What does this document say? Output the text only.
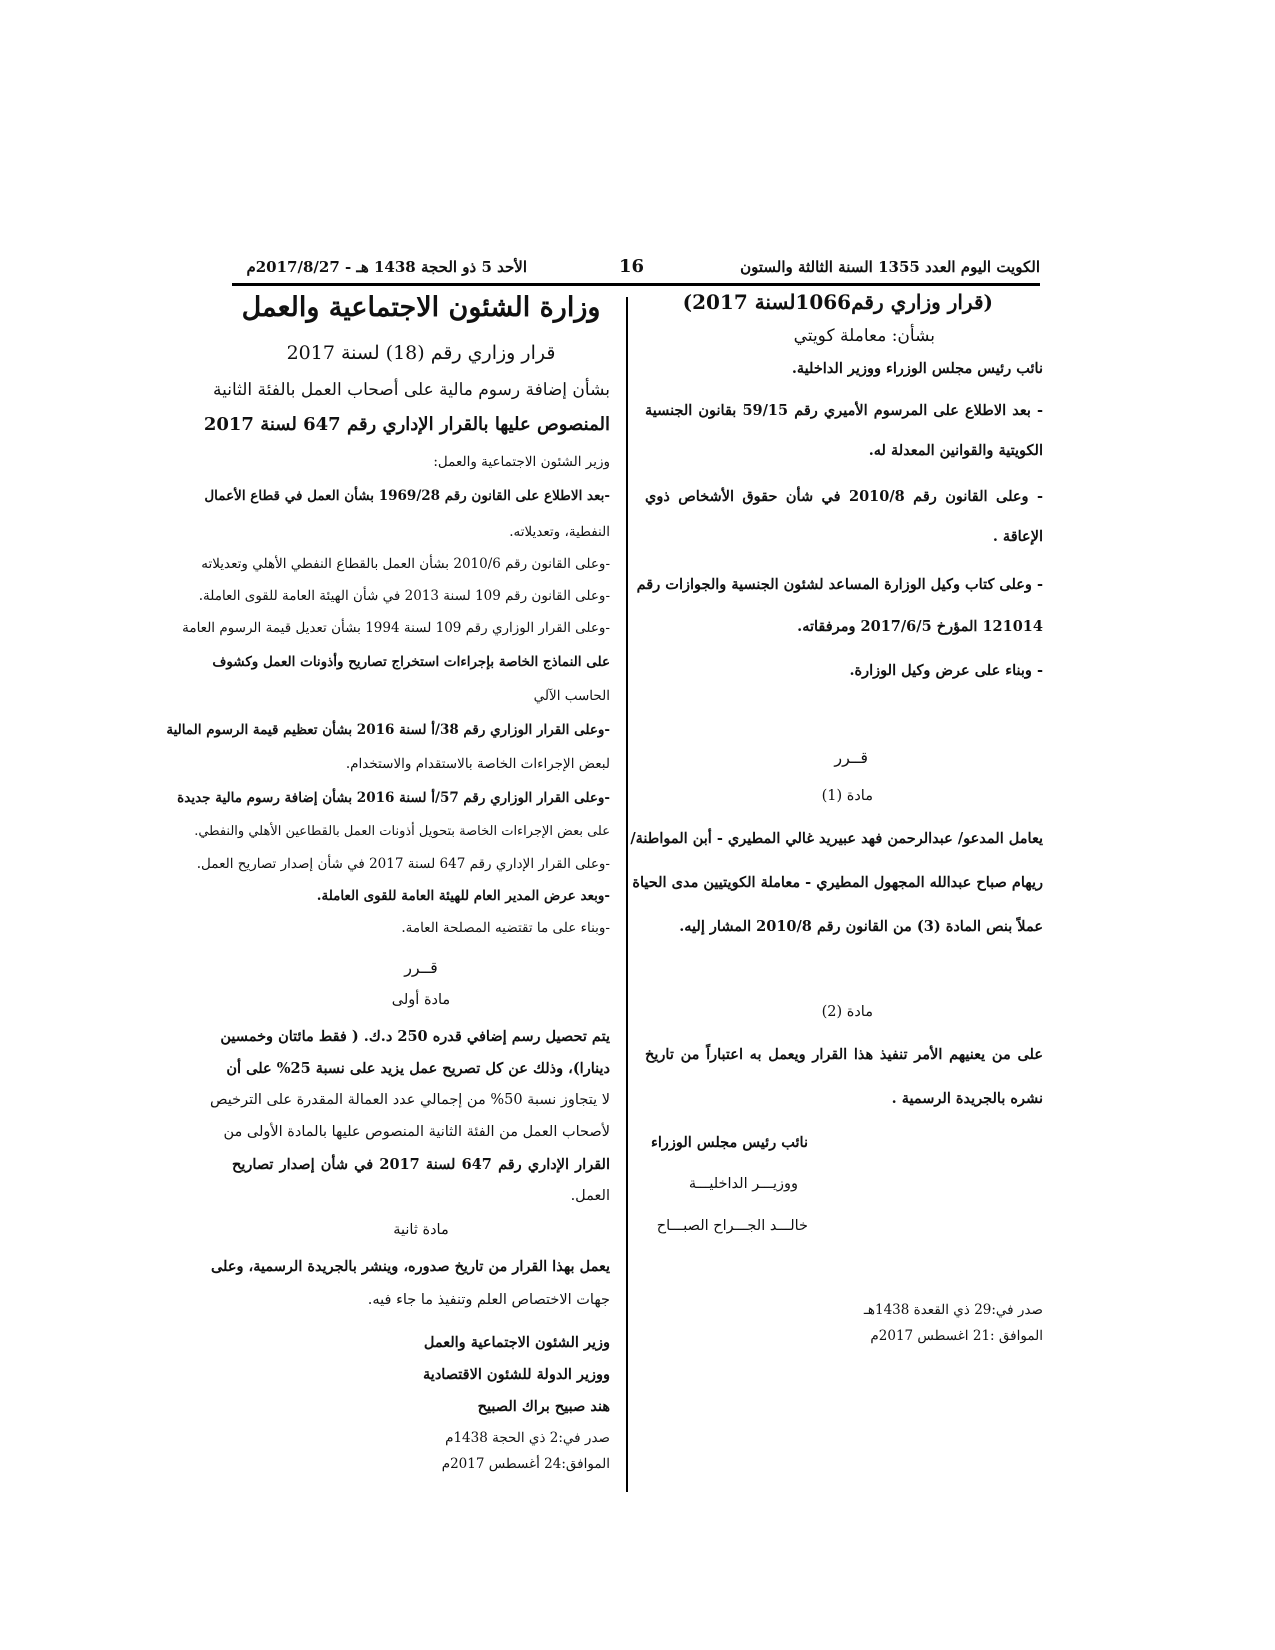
الكويت اليوم العدد 1355 السنة الثالثة والستون
16
الأحد 5 ذو الحجة 1438 هـ - 2017/8/27م
(قرار وزاري رقم1066لسنة 2017)
بشأن: معاملة كويتي
نائب رئيس مجلس الوزراء ووزير الداخلية.
- بعد الاطلاع على المرسوم الأميري رقم 59/15 بقانون الجنسية
الكويتية والقوانين المعدلة له.
- وعلى القانون رقم 2010/8 في شأن حقوق الأشخاص ذوي
الإعاقة .
- وعلى كتاب وكيل الوزارة المساعد لشئون الجنسية والجوازات رقم
121014 المؤرخ 2017/6/5 ومرفقاته.
- وبناء على عرض وكيل الوزارة.
قــرر
مادة (1)
يعامل المدعو/ عبدالرحمن فهد عبيريد غالي المطيري - أبن المواطنة/
ريهام صباح عبدالله المجهول المطيري - معاملة الكويتيين مدى الحياة
عملاً بنص المادة (3) من القانون رقم 2010/8 المشار إليه.
مادة (2)
على من يعنيهم الأمر تنفيذ هذا القرار ويعمل به اعتباراً من تاريخ
نشره بالجريدة الرسمية .
نائب رئيس مجلس الوزراء
ووزيـــر الداخليـــة
خالـــد الجـــراح الصبـــاح
صدر في:29 ذي القعدة 1438هـ
الموافق :21 اغسطس 2017م
وزارة الشئون الاجتماعية والعمل
قرار وزاري رقم (18) لسنة 2017
بشأن إضافة رسوم مالية على أصحاب العمل بالفئة الثانية
المنصوص عليها بالقرار الإداري رقم 647 لسنة 2017
وزير الشئون الاجتماعية والعمل:
-بعد الاطلاع على القانون رقم 1969/28 بشأن العمل في قطاع الأعمال
النفطية، وتعديلاته.
-وعلى القانون رقم 2010/6 بشأن العمل بالقطاع النفطي الأهلي وتعديلاته
-وعلى القانون رقم 109 لسنة 2013 في شأن الهيئة العامة للقوى العاملة.
-وعلى القرار الوزاري رقم 109 لسنة 1994 بشأن تعديل قيمة الرسوم العامة
على النماذج الخاصة بإجراءات استخراج تصاريح وأذونات العمل وكشوف
الحاسب الآلي
-وعلى القرار الوزاري رقم 38/أ لسنة 2016 بشأن تعظيم قيمة الرسوم المالية
لبعض الإجراءات الخاصة بالاستقدام والاستخدام.
-وعلى القرار الوزاري رقم 57/أ لسنة 2016 بشأن إضافة رسوم مالية جديدة
على بعض الإجراءات الخاصة بتحويل أذونات العمل بالقطاعين الأهلي والنفطي.
-وعلى القرار الإداري رقم 647 لسنة 2017 في شأن إصدار تصاريح العمل.
-وبعد عرض المدير العام للهيئة العامة للقوى العاملة.
-وبناء على ما تقتضيه المصلحة العامة.
قــرر
مادة أولى
يتم تحصيل رسم إضافي قدره 250 د.ك. ( فقط مائتان وخمسين
دينارا)، وذلك عن كل تصريح عمل يزيد على نسبة 25% على أن
لا يتجاوز نسبة 50% من إجمالي عدد العمالة المقدرة على الترخيص
لأصحاب العمل من الفئة الثانية المنصوص عليها بالمادة الأولى من
القرار الإداري رقم 647 لسنة 2017 في شأن إصدار تصاريح
العمل.
مادة ثانية
يعمل بهذا القرار من تاريخ صدوره، وينشر بالجريدة الرسمية، وعلى
جهات الاختصاص العلم وتنفيذ ما جاء فيه.
وزير الشئون الاجتماعية والعمل
ووزير الدولة للشئون الاقتصادية
هند صبيح براك الصبيح
صدر في:2 ذي الحجة 1438م
الموافق:24 أغسطس 2017م
